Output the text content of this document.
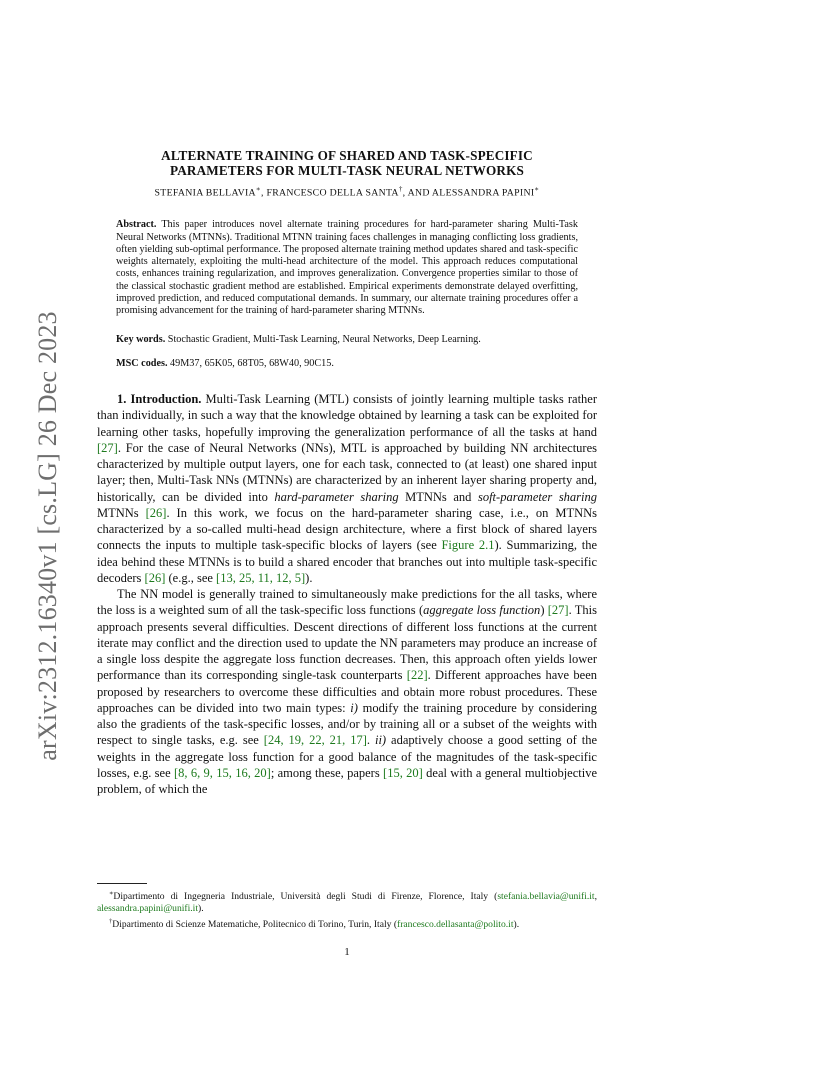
arXiv:2312.16340v1 [cs.LG] 26 Dec 2023
ALTERNATE TRAINING OF SHARED AND TASK-SPECIFIC
PARAMETERS FOR MULTI-TASK NEURAL NETWORKS
STEFANIA BELLAVIA∗, FRANCESCO DELLA SANTA†, AND ALESSANDRA PAPINI∗
Abstract. This paper introduces novel alternate training procedures for hard-parameter sharing Multi-Task Neural Networks (MTNNs). Traditional MTNN training faces challenges in managing conflicting loss gradients, often yielding sub-optimal performance. The proposed alternate training method updates shared and task-specific weights alternately, exploiting the multi-head architecture of the model. This approach reduces computational costs, enhances training regularization, and improves generalization. Convergence properties similar to those of the classical stochastic gradient method are established. Empirical experiments demonstrate delayed overfitting, improved prediction, and reduced computational demands. In summary, our alternate training procedures offer a promising advancement for the training of hard-parameter sharing MTNNs.
Key words. Stochastic Gradient, Multi-Task Learning, Neural Networks, Deep Learning.
MSC codes. 49M37, 65K05, 68T05, 68W40, 90C15.

1. Introduction. Multi-Task Learning (MTL) consists of jointly learning multiple tasks rather than individually, in such a way that the knowledge obtained by learning a task can be exploited for learning other tasks, hopefully improving the generalization performance of all the tasks at hand [27]. For the case of Neural Networks (NNs), MTL is approached by building NN architectures characterized by multiple output layers, one for each task, connected to (at least) one shared input layer; then, Multi-Task NNs (MTNNs) are characterized by an inherent layer sharing property and, historically, can be divided into hard-parameter sharing MTNNs and soft-parameter sharing MTNNs [26]. In this work, we focus on the hard-parameter sharing case, i.e., on MTNNs characterized by a so-called multi-head design architecture, where a first block of shared layers connects the inputs to multiple task-specific blocks of layers (see Figure 2.1). Summarizing, the idea behind these MTNNs is to build a shared encoder that branches out into multiple task-specific decoders [26] (e.g., see [13, 25, 11, 12, 5]).

The NN model is generally trained to simultaneously make predictions for the all tasks, where the loss is a weighted sum of all the task-specific loss functions (aggregate loss function) [27]. This approach presents several difficulties. Descent directions of different loss functions at the current iterate may conflict and the direction used to update the NN parameters may produce an increase of a single loss despite the aggregate loss function decreases. Then, this approach often yields lower performance than its corresponding single-task counterparts [22]. Different approaches have been proposed by researchers to overcome these difficulties and obtain more robust procedures. These approaches can be divided into two main types: i) modify the training procedure by considering also the gradients of the task-specific losses, and/or by training all or a subset of the weights with respect to single tasks, e.g. see [24, 19, 22, 21, 17]. ii) adaptively choose a good setting of the weights in the aggregate loss function for a good balance of the magnitudes of the task-specific losses, e.g. see [8, 6, 9, 15, 16, 20]; among these, papers [15, 20] deal with a general multiobjective problem, of which the

∗Dipartimento di Ingegneria Industriale, Università degli Studi di Firenze, Florence, Italy (stefania.bellavia@unifi.it, alessandra.papini@unifi.it).
†Dipartimento di Scienze Matematiche, Politecnico di Torino, Turin, Italy (francesco.dellasanta@polito.it).
1
